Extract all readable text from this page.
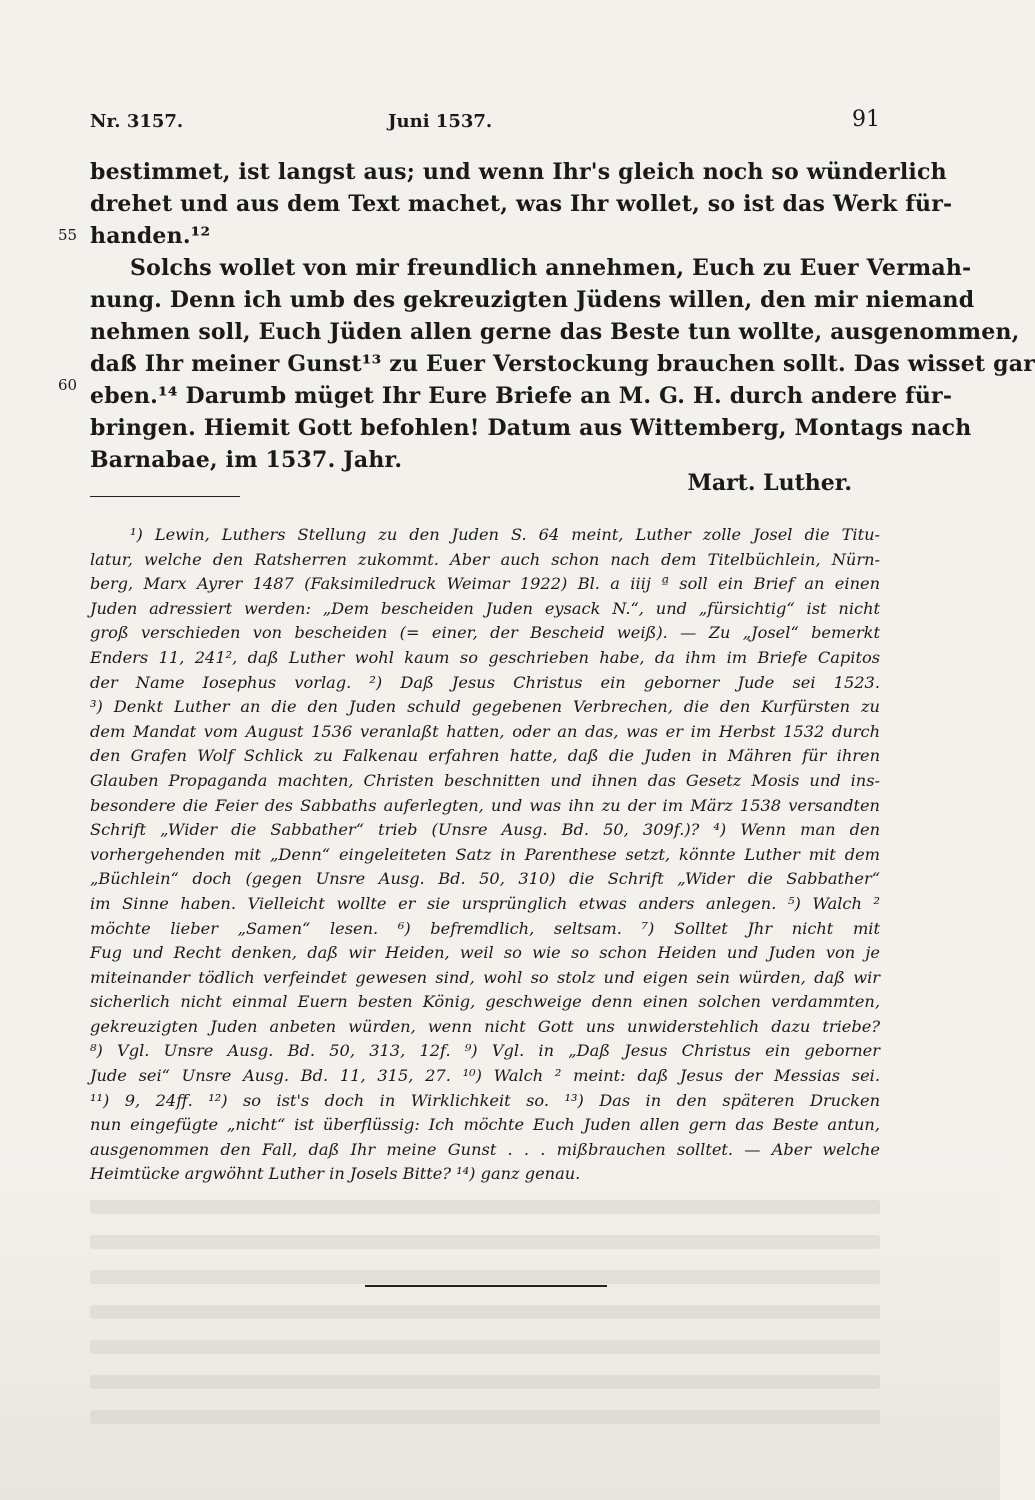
Nr. 3157.	Juni 1537.	91
55
60
bestimmet, ist langst aus; und wenn Ihr's gleich noch so wünderlich
drehet und aus dem Text machet, was Ihr wollet, so ist das Werk für-
handen.¹²
Solchs wollet von mir freundlich annehmen, Euch zu Euer Vermah-
nung. Denn ich umb des gekreuzigten Jüdens willen, den mir niemand
nehmen soll, Euch Jüden allen gerne das Beste tun wollte, ausgenommen,
daß Ihr meiner Gunst¹³ zu Euer Verstockung brauchen sollt. Das wisset gar
eben.¹⁴ Darumb müget Ihr Eure Briefe an M. G. H. durch andere für-
bringen. Hiemit Gott befohlen! Datum aus Wittemberg, Montags nach
Barnabae, im 1537. Jahr.
Mart. Luther.
¹) Lewin, Luthers Stellung zu den Juden S. 64 meint, Luther zolle Josel die Titu-
latur, welche den Ratsherren zukommt. Aber auch schon nach dem Titelbüchlein, Nürn-
berg, Marx Ayrer 1487 (Faksimiledruck Weimar 1922) Bl. a iiij ª soll ein Brief an einen
Juden adressiert werden: „Dem bescheiden Juden eysack N.“, und „fürsichtig“ ist nicht
groß verschieden von bescheiden (= einer, der Bescheid weiß). — Zu „Josel“ bemerkt
Enders 11, 241², daß Luther wohl kaum so geschrieben habe, da ihm im Briefe Capitos
der Name Iosephus vorlag. ²) Daß Jesus Christus ein geborner Jude sei 1523.
³) Denkt Luther an die den Juden schuld gegebenen Verbrechen, die den Kurfürsten zu
dem Mandat vom August 1536 veranlaßt hatten, oder an das, was er im Herbst 1532 durch
den Grafen Wolf Schlick zu Falkenau erfahren hatte, daß die Juden in Mähren für ihren
Glauben Propaganda machten, Christen beschnitten und ihnen das Gesetz Mosis und ins-
besondere die Feier des Sabbaths auferlegten, und was ihn zu der im März 1538 versandten
Schrift „Wider die Sabbather“ trieb (Unsre Ausg. Bd. 50, 309f.)? ⁴) Wenn man den
vorhergehenden mit „Denn“ eingeleiteten Satz in Parenthese setzt, könnte Luther mit dem
„Büchlein“ doch (gegen Unsre Ausg. Bd. 50, 310) die Schrift „Wider die Sabbather“
im Sinne haben. Vielleicht wollte er sie ursprünglich etwas anders anlegen. ⁵) Walch ²
möchte lieber „Samen“ lesen. ⁶) befremdlich, seltsam. ⁷) Solltet Jhr nicht mit
Fug und Recht denken, daß wir Heiden, weil so wie so schon Heiden und Juden von je
miteinander tödlich verfeindet gewesen sind, wohl so stolz und eigen sein würden, daß wir
sicherlich nicht einmal Euern besten König, geschweige denn einen solchen verdammten,
gekreuzigten Juden anbeten würden, wenn nicht Gott uns unwiderstehlich dazu triebe?
⁸) Vgl. Unsre Ausg. Bd. 50, 313, 12f. ⁹) Vgl. in „Daß Jesus Christus ein geborner
Jude sei“ Unsre Ausg. Bd. 11, 315, 27. ¹⁰) Walch ² meint: daß Jesus der Messias sei.
¹¹) 9, 24ff. ¹²) so ist's doch in Wirklichkeit so. ¹³) Das in den späteren Drucken
nun eingefügte „nicht“ ist überflüssig: Ich möchte Euch Juden allen gern das Beste antun,
ausgenommen den Fall, daß Ihr meine Gunst . . . mißbrauchen solltet. — Aber welche
Heimtücke argwöhnt Luther in Josels Bitte? ¹⁴) ganz genau.
